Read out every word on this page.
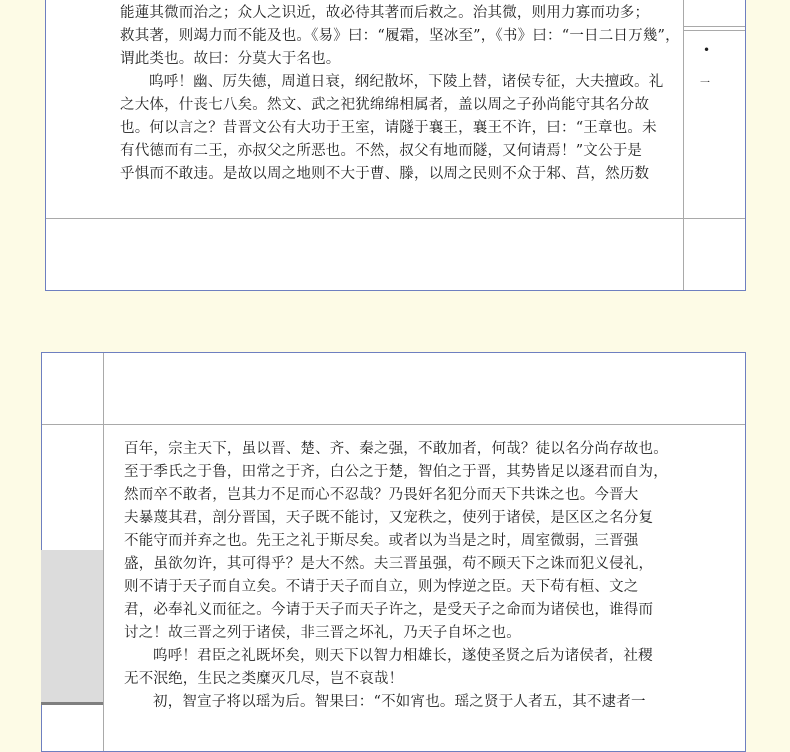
•
一

能蓮其微而治之；众人之识近，故必待其著而后救之。治其微，则用力寡而功多；

救其著，则竭力而不能及也。《易》曰：“履霜，坚冰至”，《书》曰：“一日二日万幾”，

谓此类也。故曰：分莫大于名也。

呜呼！幽、厉失德，周道日衰，纲纪散坏，下陵上替，诸侯专征，大夫擅政。礼

之大体，什丧七八矣。然文、武之祀犹绵绵相属者，盖以周之子孙尚能守其名分故

也。何以言之？昔晋文公有大功于王室，请隧于襄王，襄王不许，曰：“王章也。未

有代德而有二王，亦叔父之所恶也。不然，叔父有地而隧，又何请焉！”文公于是

乎惧而不敢违。是故以周之地则不大于曹、滕，以周之民则不众于邾、莒，然历数

百年，宗主天下，虽以晋、楚、齐、秦之强，不敢加者，何哉？徒以名分尚存故也。

至于季氏之于鲁，田常之于齐，白公之于楚，智伯之于晋，其势皆足以逐君而自为，

然而卒不敢者，岂其力不足而心不忍哉？乃畏奸名犯分而天下共诛之也。今晋大

夫暴蔑其君，剖分晋国，天子既不能讨，又宠秩之，使列于诸侯，是区区之名分复

不能守而并弃之也。先王之礼于斯尽矣。或者以为当是之时，周室微弱，三晋强

盛，虽欲勿许，其可得乎？是大不然。夫三晋虽强，苟不顾天下之诛而犯义侵礼，

则不请于天子而自立矣。不请于天子而自立，则为悖逆之臣。天下苟有桓、文之

君，必奉礼义而征之。今请于天子而天子许之，是受天子之命而为诸侯也，谁得而

讨之！故三晋之列于诸侯，非三晋之坏礼，乃天子自坏之也。

呜呼！君臣之礼既坏矣，则天下以智力相雄长，遂使圣贤之后为诸侯者，社稷

无不泯绝，生民之类糜灭几尽，岂不哀哉！

初，智宣子将以瑶为后。智果曰：“不如宵也。瑶之贤于人者五，其不逮者一
